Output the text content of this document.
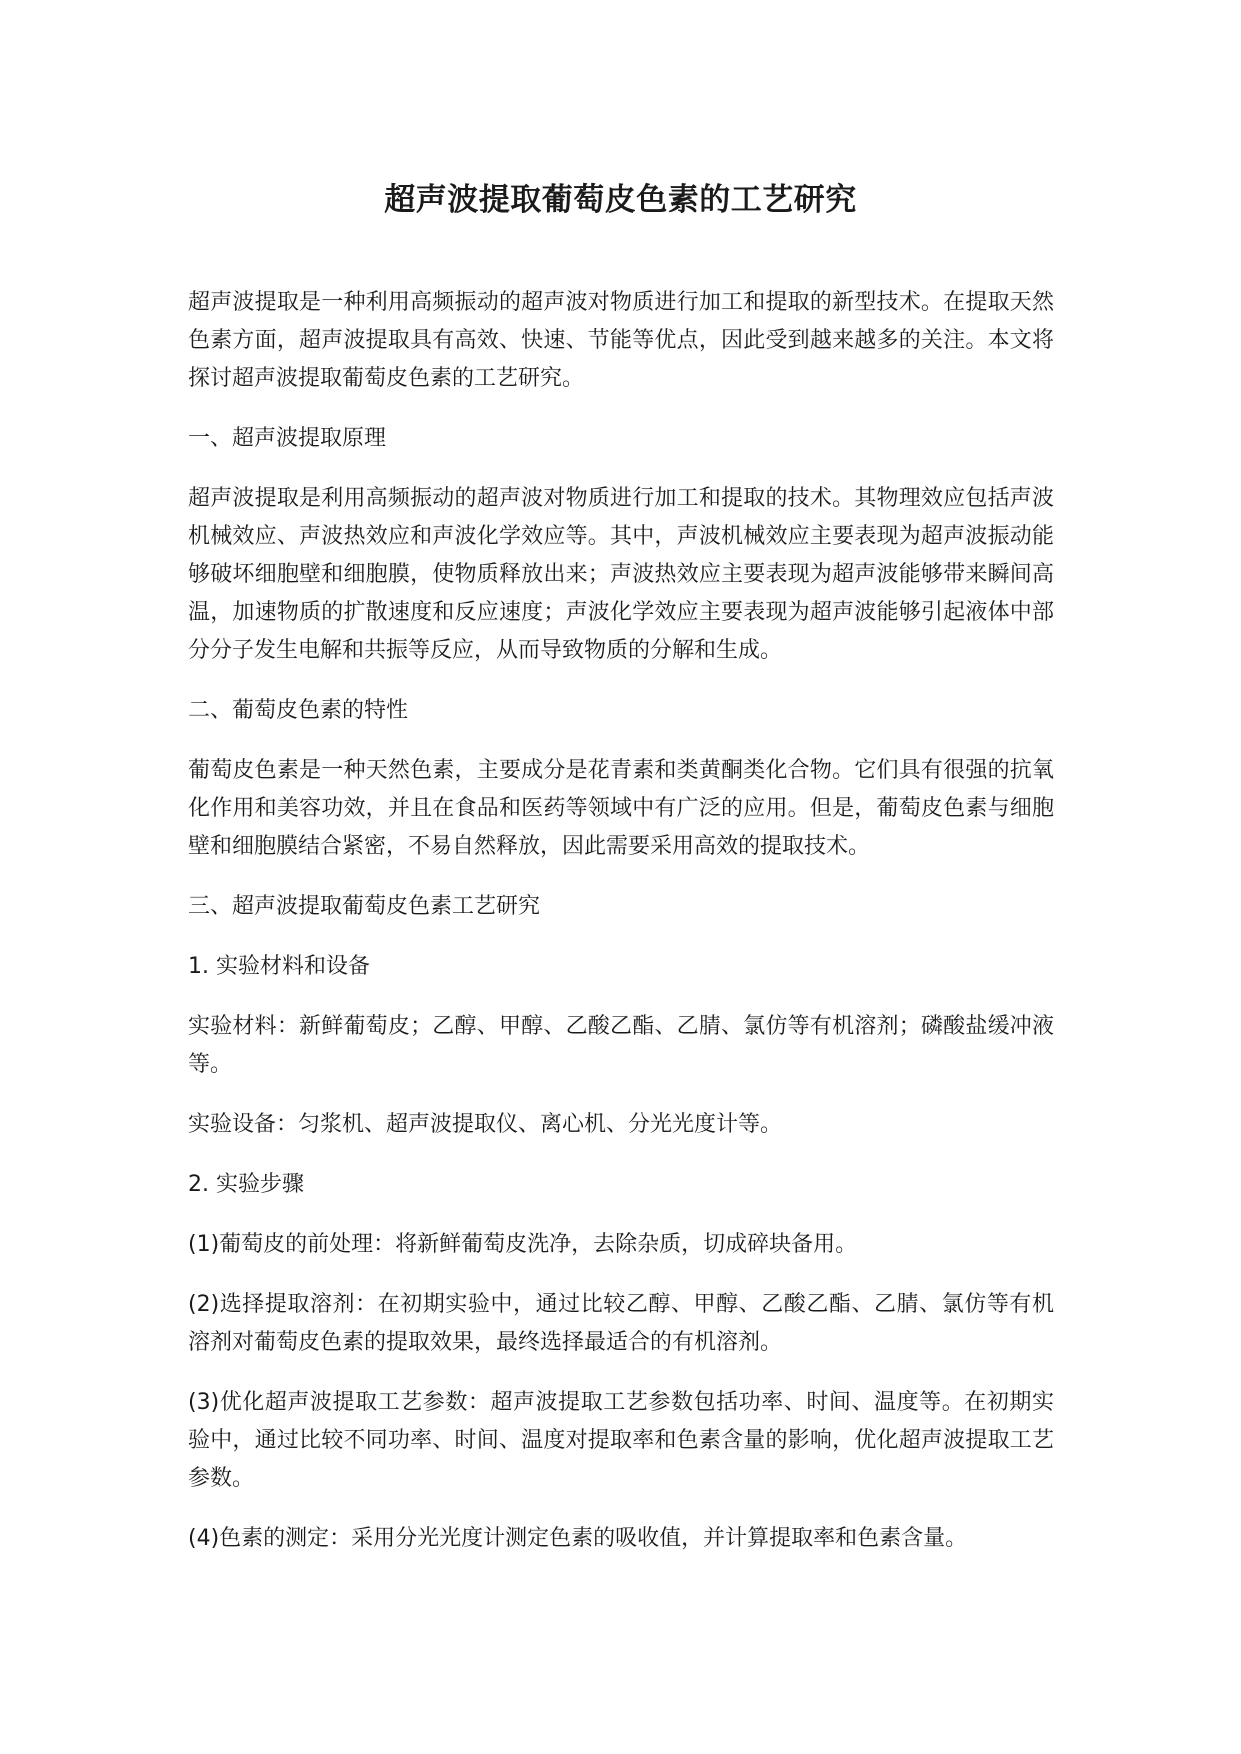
超声波提取葡萄皮色素的工艺研究

超声波提取是一种利用高频振动的超声波对物质进行加工和提取的新型技术。在提取天然色素方面，超声波提取具有高效、快速、节能等优点，因此受到越来越多的关注。本文将探讨超声波提取葡萄皮色素的工艺研究。

一、超声波提取原理

超声波提取是利用高频振动的超声波对物质进行加工和提取的技术。其物理效应包括声波机械效应、声波热效应和声波化学效应等。其中，声波机械效应主要表现为超声波振动能够破坏细胞壁和细胞膜，使物质释放出来；声波热效应主要表现为超声波能够带来瞬间高温，加速物质的扩散速度和反应速度；声波化学效应主要表现为超声波能够引起液体中部分分子发生电解和共振等反应，从而导致物质的分解和生成。

二、葡萄皮色素的特性

葡萄皮色素是一种天然色素，主要成分是花青素和类黄酮类化合物。它们具有很强的抗氧化作用和美容功效，并且在食品和医药等领域中有广泛的应用。但是，葡萄皮色素与细胞壁和细胞膜结合紧密，不易自然释放，因此需要采用高效的提取技术。

三、超声波提取葡萄皮色素工艺研究

1. 实验材料和设备

实验材料：新鲜葡萄皮；乙醇、甲醇、乙酸乙酯、乙腈、氯仿等有机溶剂；磷酸盐缓冲液等。

实验设备：匀浆机、超声波提取仪、离心机、分光光度计等。

2. 实验步骤

(1)葡萄皮的前处理：将新鲜葡萄皮洗净，去除杂质，切成碎块备用。

(2)选择提取溶剂：在初期实验中，通过比较乙醇、甲醇、乙酸乙酯、乙腈、氯仿等有机溶剂对葡萄皮色素的提取效果，最终选择最适合的有机溶剂。

(3)优化超声波提取工艺参数：超声波提取工艺参数包括功率、时间、温度等。在初期实验中，通过比较不同功率、时间、温度对提取率和色素含量的影响，优化超声波提取工艺参数。

(4)色素的测定：采用分光光度计测定色素的吸收值，并计算提取率和色素含量。
